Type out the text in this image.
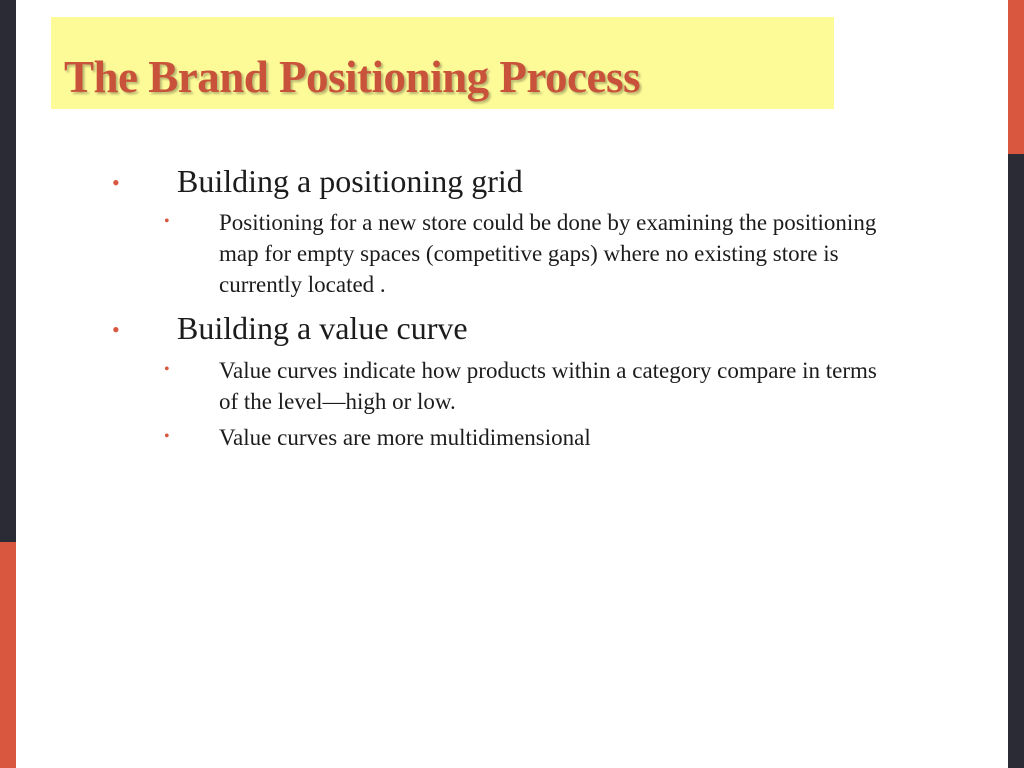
The Brand Positioning Process
• Building a positioning grid
• Positioning for a new store could be done by examining the positioning map for empty spaces (competitive gaps) where no existing store is currently located .
• Building a value curve
• Value curves indicate how products within a category compare in terms of the level—high or low.
• Value curves are more multidimensional
